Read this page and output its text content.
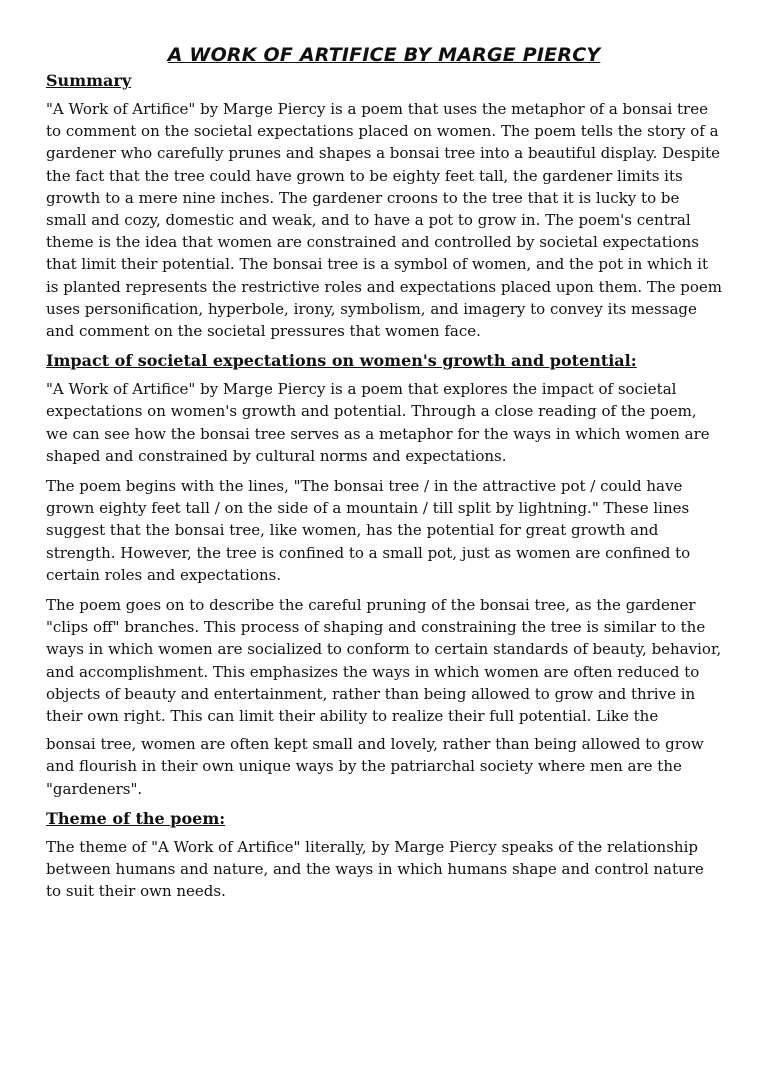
A WORK OF ARTIFICE BY MARGE PIERCY
Summary

"A Work of Artifice" by Marge Piercy is a poem that uses the metaphor of a bonsai tree to comment on the societal expectations placed on women. The poem tells the story of a gardener who carefully prunes and shapes a bonsai tree into a beautiful display. Despite the fact that the tree could have grown to be eighty feet tall, the gardener limits its growth to a mere nine inches. The gardener croons to the tree that it is lucky to be small and cozy, domestic and weak, and to have a pot to grow in. The poem's central theme is the idea that women are constrained and controlled by societal expectations that limit their potential. The bonsai tree is a symbol of women, and the pot in which it is planted represents the restrictive roles and expectations placed upon them. The poem uses personification, hyperbole, irony, symbolism, and imagery to convey its message and comment on the societal pressures that women face.

Impact of societal expectations on women's growth and potential:

"A Work of Artifice" by Marge Piercy is a poem that explores the impact of societal expectations on women's growth and potential. Through a close reading of the poem, we can see how the bonsai tree serves as a metaphor for the ways in which women are shaped and constrained by cultural norms and expectations.

The poem begins with the lines, "The bonsai tree / in the attractive pot / could have grown eighty feet tall / on the side of a mountain / till split by lightning." These lines suggest that the bonsai tree, like women, has the potential for great growth and strength. However, the tree is confined to a small pot, just as women are confined to certain roles and expectations.

The poem goes on to describe the careful pruning of the bonsai tree, as the gardener "clips off" branches. This process of shaping and constraining the tree is similar to the ways in which women are socialized to conform to certain standards of beauty, behavior, and accomplishment. This emphasizes the ways in which women are often reduced to objects of beauty and entertainment, rather than being allowed to grow and thrive in their own right. This can limit their ability to realize their full potential. Like the

bonsai tree, women are often kept small and lovely, rather than being allowed to grow and flourish in their own unique ways by the patriarchal society where men are the "gardeners".

Theme of the poem:

The theme of "A Work of Artifice" literally, by Marge Piercy speaks of the relationship between humans and nature, and the ways in which humans shape and control nature to suit their own needs.
